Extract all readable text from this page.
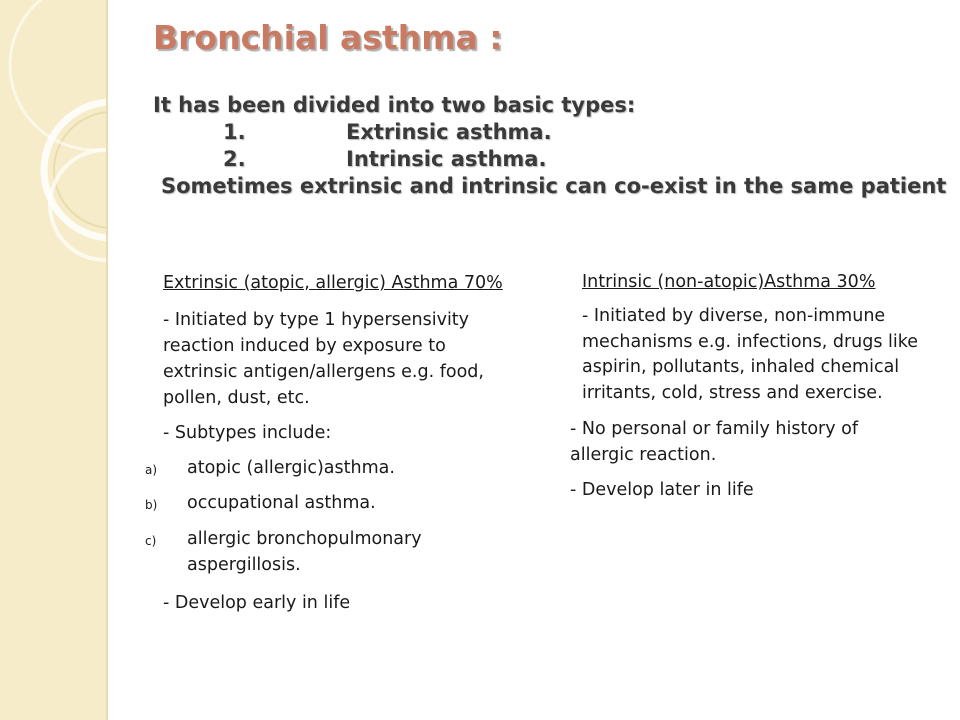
Bronchial asthma :
It has been divided into two basic types:

1.	Extrinsic asthma.

2.	Intrinsic asthma.
Sometimes extrinsic and intrinsic can co-exist in the same patient

Extrinsic (atopic, allergic) Asthma 70%

- Initiated by type 1 hypersensivity reaction induced by exposure to extrinsic antigen/allergens e.g. food, pollen, dust, etc.

- Subtypes include:

a) atopic (allergic)asthma.

b) occupational asthma.

c) allergic bronchopulmonary aspergillosis.

- Develop early in life

Intrinsic (non-atopic)Asthma 30%

- Initiated by diverse, non-immune mechanisms e.g. infections, drugs like aspirin, pollutants, inhaled chemical irritants, cold, stress and exercise.

- No personal or family history of allergic reaction.

- Develop later in life
